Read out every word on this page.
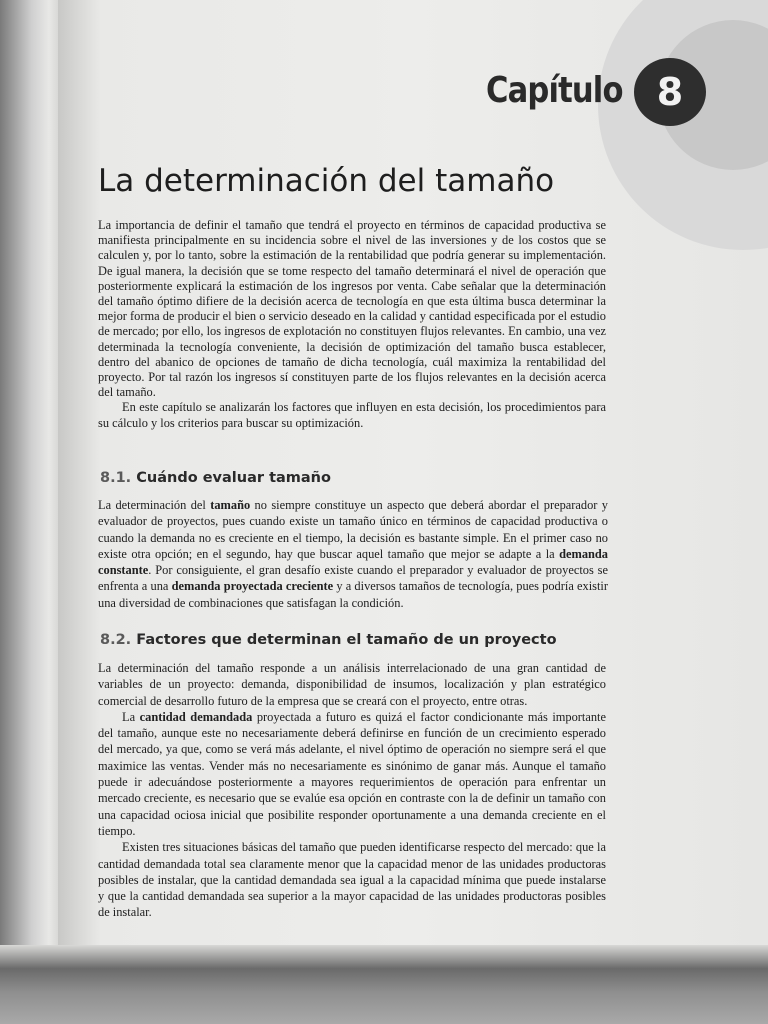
Capítulo 8
La determinación del tamaño

La importancia de definir el tamaño que tendrá el proyecto en términos de capacidad productiva se manifiesta principalmente en su incidencia sobre el nivel de las inversiones y de los costos que se calculen y, por lo tanto, sobre la estimación de la rentabilidad que podría generar su implementación. De igual manera, la decisión que se tome respecto del tamaño determinará el nivel de operación que posteriormente explicará la estimación de los ingresos por venta. Cabe señalar que la determinación del tamaño óptimo difiere de la decisión acerca de tecnología en que esta última busca determinar la mejor forma de producir el bien o servicio deseado en la calidad y cantidad especificada por el estudio de mercado; por ello, los ingresos de explotación no constituyen flujos relevantes. En cambio, una vez determinada la tecnología conveniente, la decisión de optimización del tamaño busca establecer, dentro del abanico de opciones de tamaño de dicha tecnología, cuál maximiza la rentabilidad del proyecto. Por tal razón los ingresos sí constituyen parte de los flujos relevantes en la decisión acerca del tamaño.

En este capítulo se analizarán los factores que influyen en esta decisión, los procedimientos para su cálculo y los criterios para buscar su optimización.

8.1. Cuándo evaluar tamaño

La determinación del tamaño no siempre constituye un aspecto que deberá abordar el preparador y evaluador de proyectos, pues cuando existe un tamaño único en términos de capacidad productiva o cuando la demanda no es creciente en el tiempo, la decisión es bastante simple. En el primer caso no existe otra opción; en el segundo, hay que buscar aquel tamaño que mejor se adapte a la demanda constante. Por consiguiente, el gran desafío existe cuando el preparador y evaluador de proyectos se enfrenta a una demanda proyectada creciente y a diversos tamaños de tecnología, pues podría existir una diversidad de combinaciones que satisfagan la condición.

8.2. Factores que determinan el tamaño de un proyecto

La determinación del tamaño responde a un análisis interrelacionado de una gran cantidad de variables de un proyecto: demanda, disponibilidad de insumos, localización y plan estratégico comercial de desarrollo futuro de la empresa que se creará con el proyecto, entre otras.

La cantidad demandada proyectada a futuro es quizá el factor condicionante más importante del tamaño, aunque este no necesariamente deberá definirse en función de un crecimiento esperado del mercado, ya que, como se verá más adelante, el nivel óptimo de operación no siempre será el que maximice las ventas. Vender más no necesariamente es sinónimo de ganar más. Aunque el tamaño puede ir adecuándose posteriormente a mayores requerimientos de operación para enfrentar un mercado creciente, es necesario que se evalúe esa opción en contraste con la de definir un tamaño con una capacidad ociosa inicial que posibilite responder oportunamente a una demanda creciente en el tiempo.

Existen tres situaciones básicas del tamaño que pueden identificarse respecto del mercado: que la cantidad demandada total sea claramente menor que la capacidad menor de las unidades productoras posibles de instalar, que la cantidad demandada sea igual a la capacidad mínima que puede instalarse y que la cantidad demandada sea superior a la mayor capacidad de las unidades productoras posibles de instalar.
